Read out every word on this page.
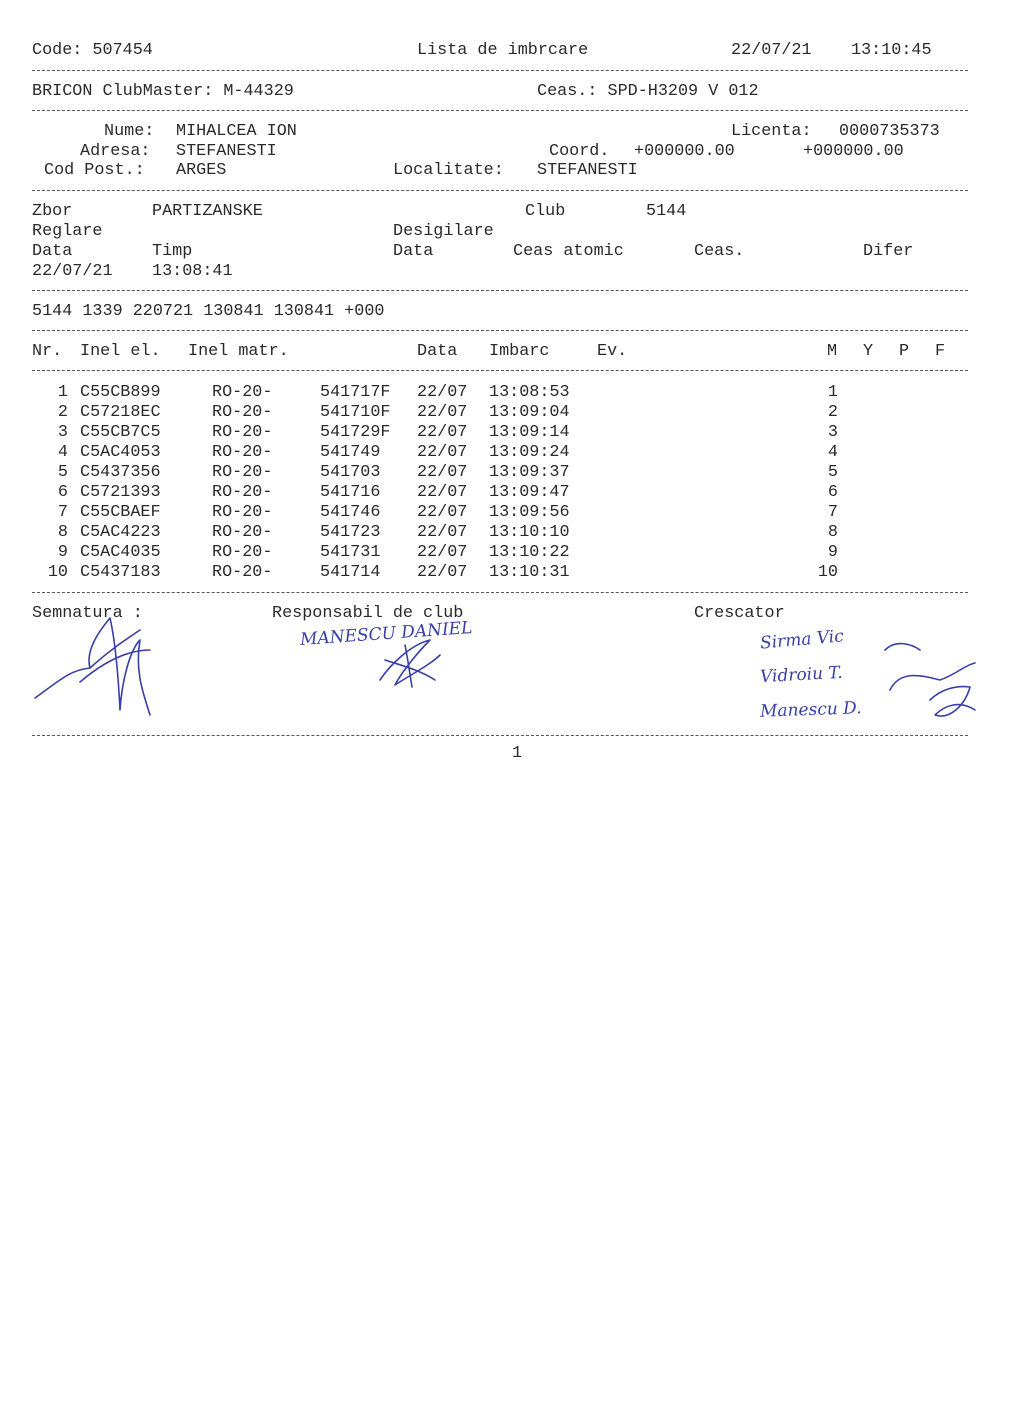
Code: 507454	Lista de imbrcare	22/07/21 13:10:45
BRICON ClubMaster: M-44329	Ceas.: SPD-H3209 V 012
Nume: MIHALCEA ION	Licenta: 0000735373
Adresa: STEFANESTI	Coord. +000000.00	+000000.00
Cod Post.: ARGES	Localitate: STEFANESTI
Zbor	PARTIZANSKE	Club	5144
Reglare	Desigilare
Data	Timp	Data	Ceas atomic	Ceas.	Difer
22/07/21 13:08:41
5144 1339 220721 130841 130841 +000
Nr. Inel el. Inel matr.	Data Imbarc	Ev.	M Y P F
1 C55CB899	RO-20-	541717F 22/07 13:08:53	1
2 C57218EC	RO-20-	541710F 22/07 13:09:04	2
3 C55CB7C5	RO-20-	541729F 22/07 13:09:14	3
4 C5AC4053	RO-20-	541749 22/07 13:09:24	4
5 C5437356	RO-20-	541703 22/07 13:09:37	5
6 C5721393	RO-20-	541716 22/07 13:09:47	6
7 C55CBAEF	RO-20-	541746 22/07 13:09:56	7
8 C5AC4223	RO-20-	541723 22/07 13:10:10	8
9 C5AC4035	RO-20-	541731 22/07 13:10:22	9
10 C5437183	RO-20-	541714 22/07 13:10:31	10
Semnatura :	Responsabil de club	Crescator
MANESCU DANIEL	Sirma Vic
Vidroiu T.
Manescu D.
1
